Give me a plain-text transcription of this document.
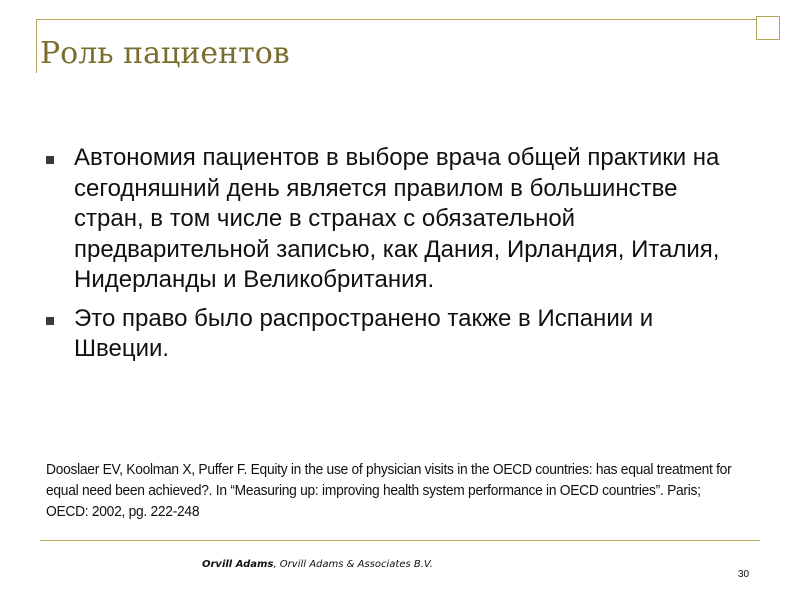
Роль пациентов
Автономия пациентов в выборе врача общей практики на сегодняшний день является правилом в большинстве стран, в том числе в странах с обязательной предварительной записью, как Дания, Ирландия, Италия, Нидерланды и Великобритания.
Это право было распространено также в Испании и Швеции.
Dooslaer EV, Koolman X, Puffer F. Equity in the use of physician visits in the OECD countries: has equal treatment for equal need been achieved?. In “Measuring up: improving health system performance in OECD countries”. Paris; OECD: 2002, pg. 222-248
Orvill Adams, Orvill Adams & Associates B.V.
30
